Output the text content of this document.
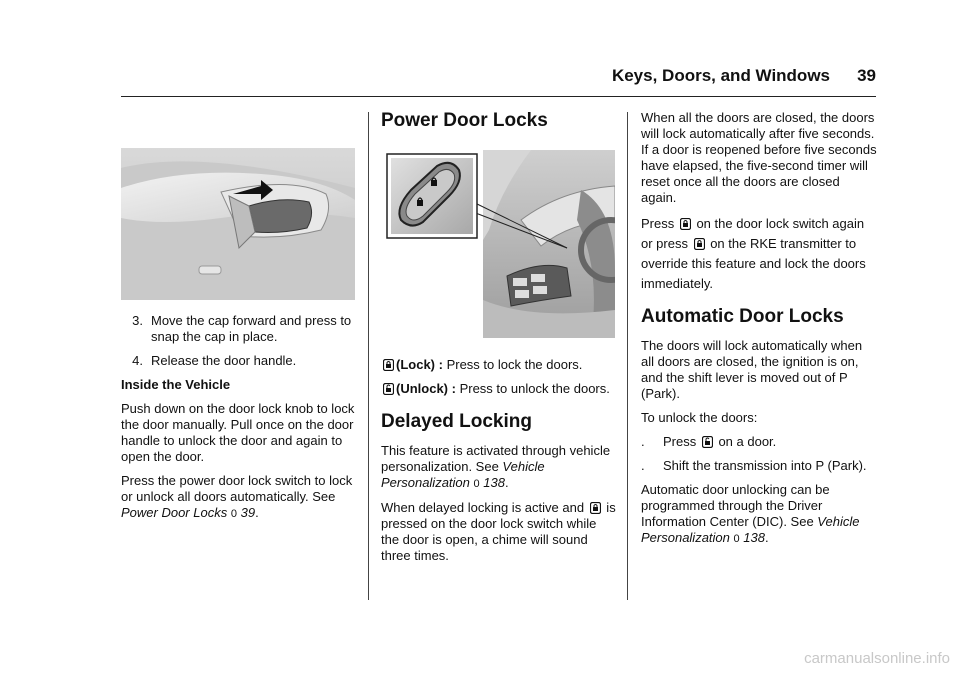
Keys, Doors, and Windows	39
3. Move the cap forward and press to snap the cap in place.
4. Release the door handle.

Inside the Vehicle

Push down on the door lock knob to lock the door manually. Pull once on the door handle to unlock the door and again to open the door.

Press the power door lock switch to lock or unlock all doors automatically. See Power Door Locks 0 39.

Power Door Locks

(Lock) : Press to lock the doors.

(Unlock) : Press to unlock the doors.

Delayed Locking

This feature is activated through vehicle personalization. See Vehicle Personalization 0 138.

When delayed locking is active and  is pressed on the door lock switch while the door is open, a chime will sound three times.

When all the doors are closed, the doors will lock automatically after five seconds. If a door is reopened before five seconds have elapsed, the five-second timer will reset once all the doors are closed again.

Press  on the door lock switch again or press  on the RKE transmitter to override this feature and lock the doors immediately.

Automatic Door Locks

The doors will lock automatically when all doors are closed, the ignition is on, and the shift lever is moved out of P (Park).

To unlock the doors:

.	Press  on a door.
.	Shift the transmission into P (Park).

Automatic door unlocking can be programmed through the Driver Information Center (DIC). See Vehicle Personalization 0 138.

carmanualsonline.info
